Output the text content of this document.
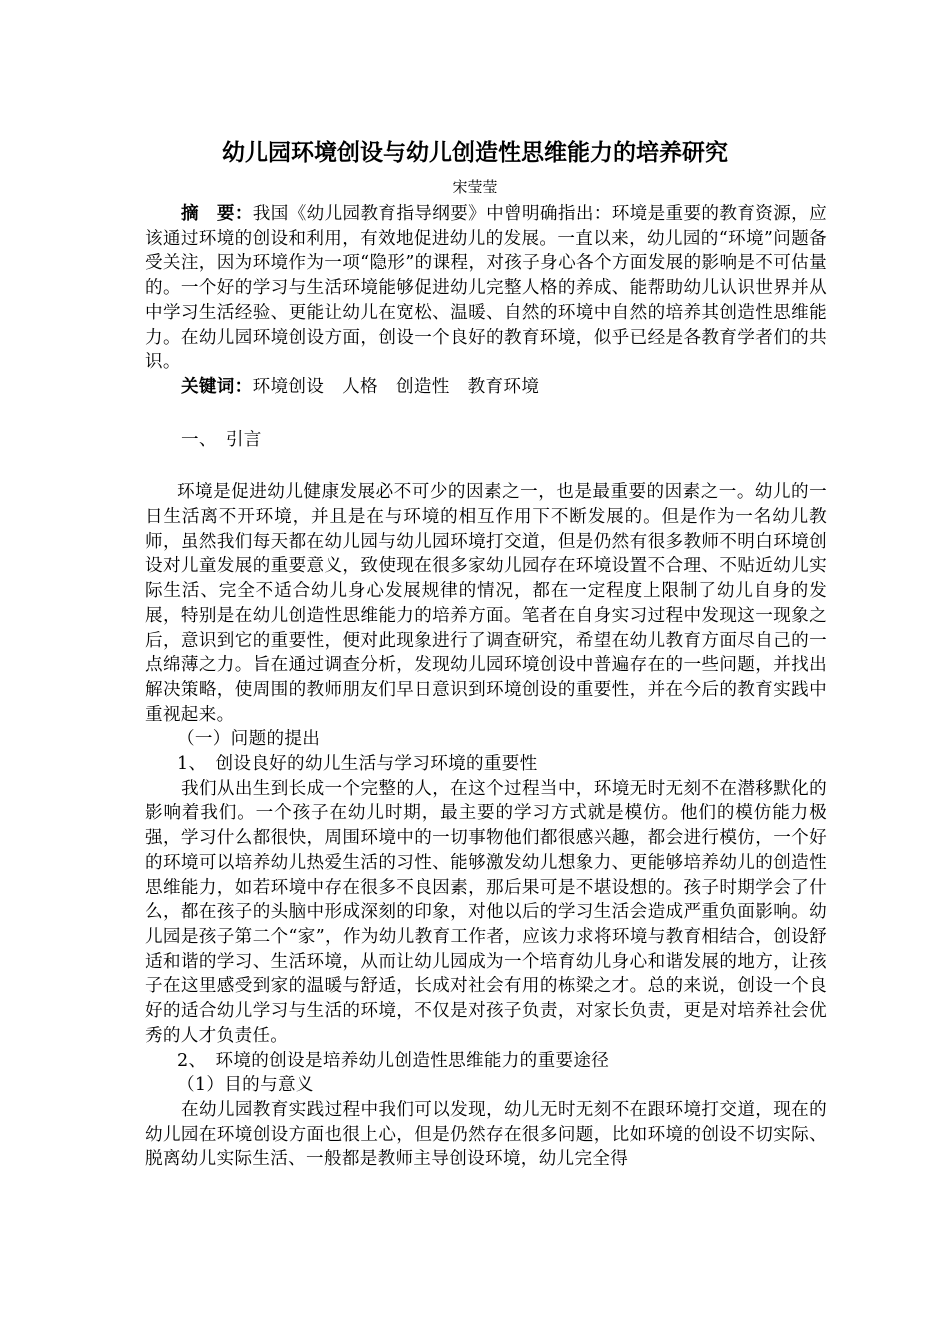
幼儿园环境创设与幼儿创造性思维能力的培养研究
宋莹莹

摘　要：我国《幼儿园教育指导纲要》中曾明确指出：环境是重要的教育资源，应该通过环境的创设和利用，有效地促进幼儿的发展。一直以来，幼儿园的“环境”问题备受关注，因为环境作为一项“隐形”的课程，对孩子身心各个方面发展的影响是不可估量的。一个好的学习与生活环境能够促进幼儿完整人格的养成、能帮助幼儿认识世界并从中学习生活经验、更能让幼儿在宽松、温暖、自然的环境中自然的培养其创造性思维能力。在幼儿园环境创设方面，创设一个良好的教育环境，似乎已经是各教育学者们的共识。

关键词：环境创设 人格 创造性 教育环境

一、　引言

环境是促进幼儿健康发展必不可少的因素之一，也是最重要的因素之一。幼儿的一日生活离不开环境，并且是在与环境的相互作用下不断发展的。但是作为一名幼儿教师，虽然我们每天都在幼儿园与幼儿园环境打交道，但是仍然有很多教师不明白环境创设对儿童发展的重要意义，致使现在很多家幼儿园存在环境设置不合理、不贴近幼儿实际生活、完全不适合幼儿身心发展规律的情况，都在一定程度上限制了幼儿自身的发展，特别是在幼儿创造性思维能力的培养方面。笔者在自身实习过程中发现这一现象之后，意识到它的重要性，便对此现象进行了调查研究，希望在幼儿教育方面尽自己的一点绵薄之力。旨在通过调查分析，发现幼儿园环境创设中普遍存在的一些问题，并找出解决策略，使周围的教师朋友们早日意识到环境创设的重要性，并在今后的教育实践中重视起来。

（一）问题的提出

1、　创设良好的幼儿生活与学习环境的重要性

我们从出生到长成一个完整的人，在这个过程当中，环境无时无刻不在潜移默化的影响着我们。一个孩子在幼儿时期，最主要的学习方式就是模仿。他们的模仿能力极强，学习什么都很快，周围环境中的一切事物他们都很感兴趣，都会进行模仿，一个好的环境可以培养幼儿热爱生活的习性、能够激发幼儿想象力、更能够培养幼儿的创造性思维能力，如若环境中存在很多不良因素，那后果可是不堪设想的。孩子时期学会了什么，都在孩子的头脑中形成深刻的印象，对他以后的学习生活会造成严重负面影响。幼儿园是孩子第二个“家”，作为幼儿教育工作者，应该力求将环境与教育相结合，创设舒适和谐的学习、生活环境，从而让幼儿园成为一个培育幼儿身心和谐发展的地方，让孩子在这里感受到家的温暖与舒适，长成对社会有用的栋梁之才。总的来说，创设一个良好的适合幼儿学习与生活的环境，不仅是对孩子负责，对家长负责，更是对培养社会优秀的人才负责任。

2、　环境的创设是培养幼儿创造性思维能力的重要途径

（1）目的与意义

在幼儿园教育实践过程中我们可以发现，幼儿无时无刻不在跟环境打交道，现在的幼儿园在环境创设方面也很上心，但是仍然存在很多问题，比如环境的创设不切实际、脱离幼儿实际生活、一般都是教师主导创设环境，幼儿完全得
